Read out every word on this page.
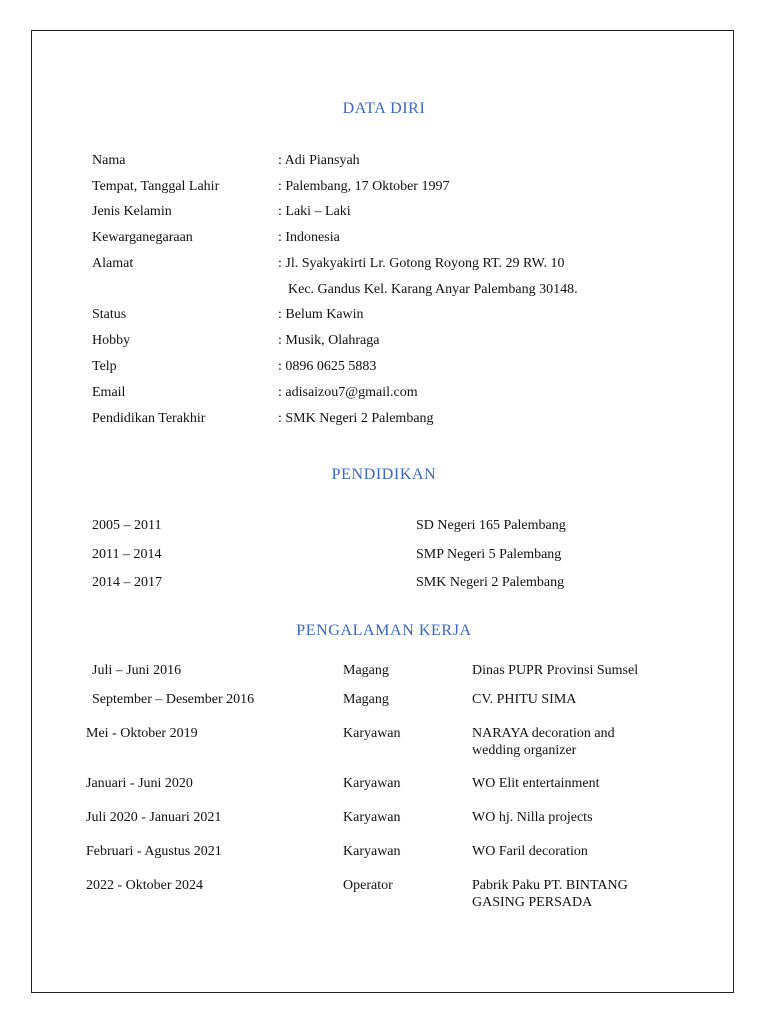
DATA DIRI
Nama	: Adi Piansyah
Tempat, Tanggal Lahir	: Palembang, 17 Oktober 1997
Jenis Kelamin	: Laki – Laki
Kewarganegaraan	: Indonesia
Alamat	: Jl. Syakyakirti Lr. Gotong Royong RT. 29 RW. 10
Kec. Gandus Kel. Karang Anyar Palembang 30148.
Status	: Belum Kawin
Hobby	: Musik, Olahraga
Telp	: 0896 0625 5883
Email	: adisaizou7@gmail.com
Pendidikan Terakhir	: SMK Negeri 2 Palembang
PENDIDIKAN
2005 – 2011	SD Negeri 165 Palembang
2011 – 2014	SMP Negeri 5 Palembang
2014 – 2017	SMK Negeri 2 Palembang
PENGALAMAN KERJA
Juli – Juni 2016	Magang	Dinas PUPR Provinsi Sumsel
September – Desember 2016	Magang	CV. PHITU SIMA
Mei - Oktober 2019	Karyawan	NARAYA decoration and wedding organizer
Januari - Juni 2020	Karyawan	WO Elit entertainment
Juli 2020 - Januari 2021	Karyawan	WO hj. Nilla projects
Februari - Agustus 2021	Karyawan	WO Faril decoration
2022 - Oktober 2024	Operator	Pabrik Paku PT. BINTANG GASING PERSADA
